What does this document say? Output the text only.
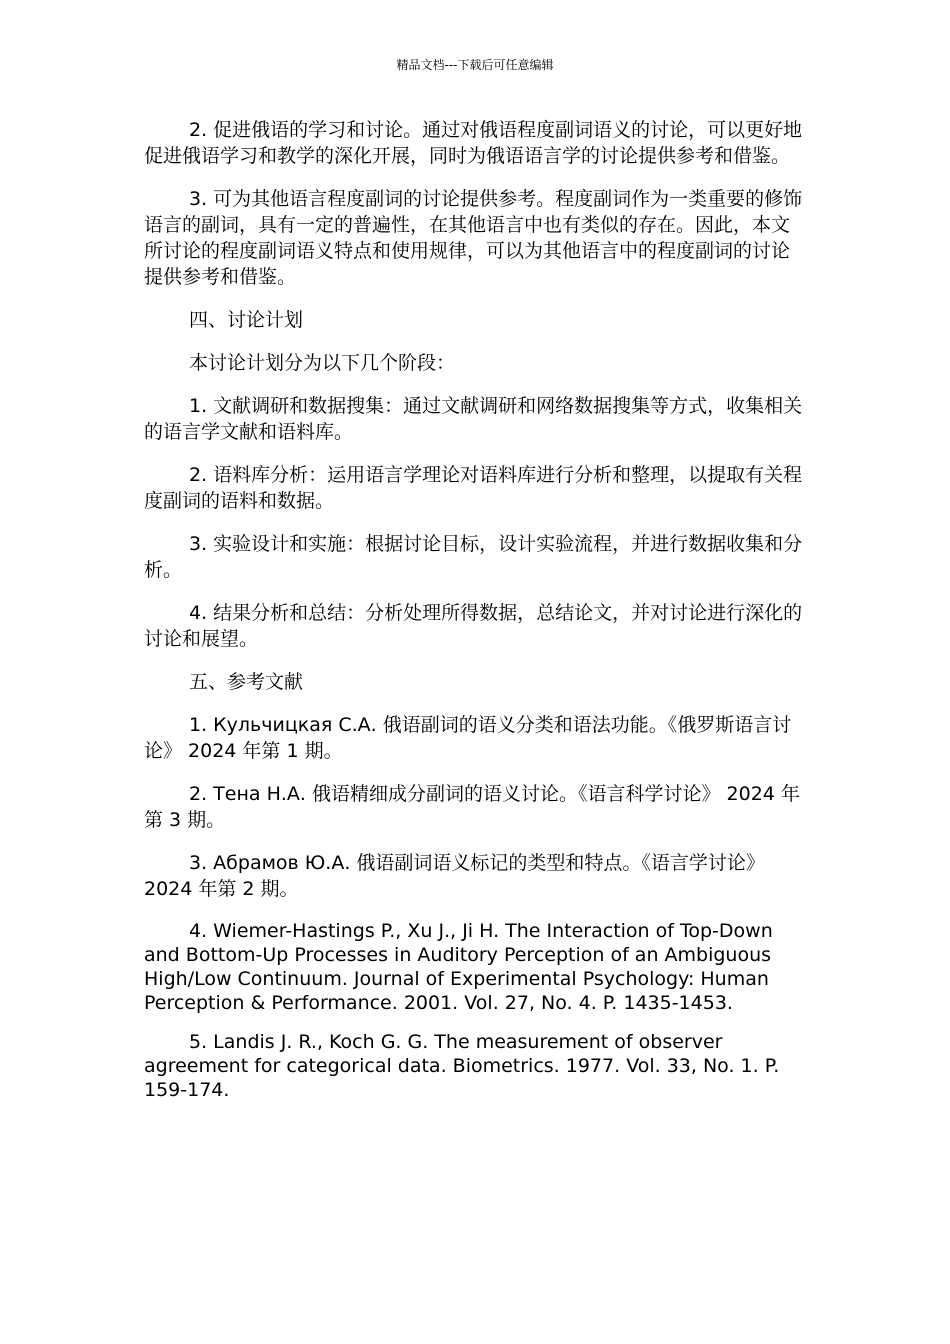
精品文档---下载后可任意编辑

2. 促进俄语的学习和讨论。通过对俄语程度副词语义的讨论，可以更好地促进俄语学习和教学的深化开展，同时为俄语语言学的讨论提供参考和借鉴。

3. 可为其他语言程度副词的讨论提供参考。程度副词作为一类重要的修饰语言的副词，具有一定的普遍性，在其他语言中也有类似的存在。因此，本文所讨论的程度副词语义特点和使用规律，可以为其他语言中的程度副词的讨论提供参考和借鉴。

四、讨论计划

本讨论计划分为以下几个阶段：

1. 文献调研和数据搜集：通过文献调研和网络数据搜集等方式，收集相关的语言学文献和语料库。

2. 语料库分析：运用语言学理论对语料库进行分析和整理，以提取有关程度副词的语料和数据。

3. 实验设计和实施：根据讨论目标，设计实验流程，并进行数据收集和分析。

4. 结果分析和总结：分析处理所得数据，总结论文，并对讨论进行深化的讨论和展望。

五、参考文献

1. Кульчицкая С.А. 俄语副词的语义分类和语法功能。《俄罗斯语言讨论》 2024 年第 1 期。

2. Тена Н.А. 俄语精细成分副词的语义讨论。《语言科学讨论》 2024 年第 3 期。

3. Абрамов Ю.А. 俄语副词语义标记的类型和特点。《语言学讨论》 2024 年第 2 期。

4. Wiemer-Hastings P., Xu J., Ji H. The Interaction of Top-Down and Bottom-Up Processes in Auditory Perception of an Ambiguous High/Low Continuum. Journal of Experimental Psychology: Human Perception & Performance. 2001. Vol. 27, No. 4. P. 1435-1453.

5. Landis J. R., Koch G. G. The measurement of observer agreement for categorical data. Biometrics. 1977. Vol. 33, No. 1. P. 159-174.
